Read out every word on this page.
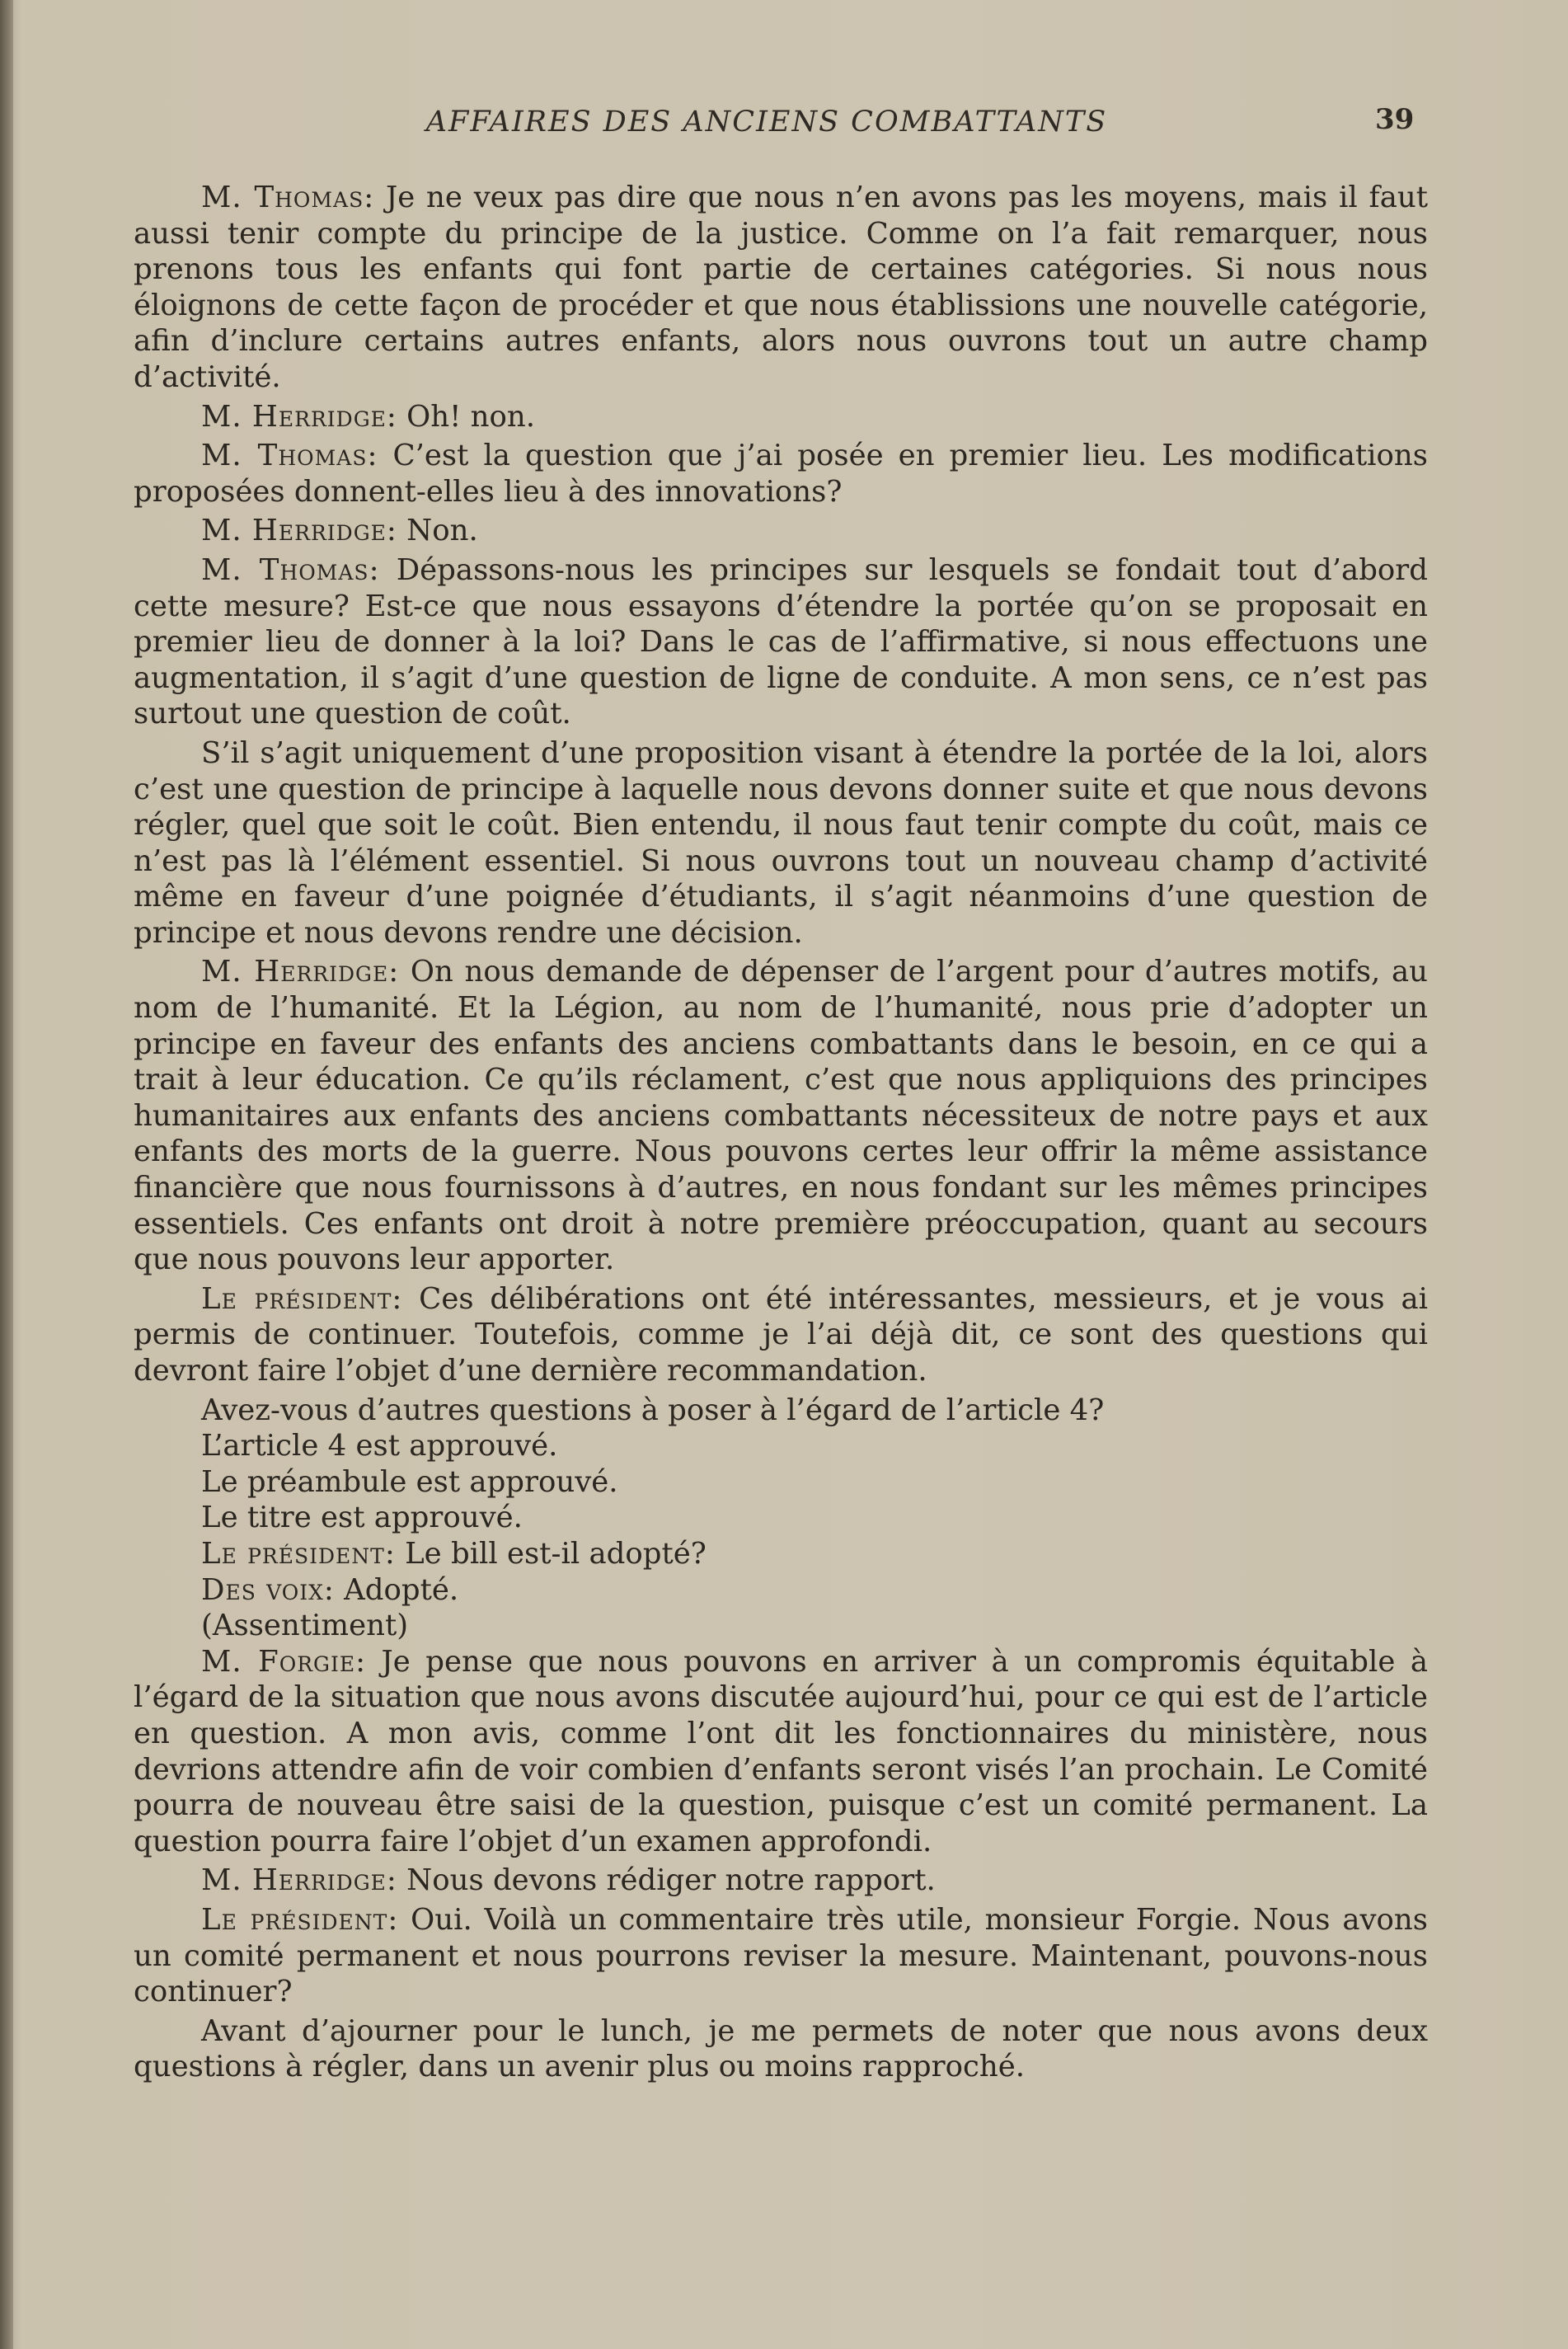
AFFAIRES DES ANCIENS COMBATTANTS	39

M. Thomas: Je ne veux pas dire que nous n’en avons pas les moyens, mais il faut aussi tenir compte du principe de la justice. Comme on l’a fait remarquer, nous prenons tous les enfants qui font partie de certaines catégories. Si nous nous éloignons de cette façon de procéder et que nous établissions une nouvelle catégorie, afin d’inclure certains autres enfants, alors nous ouvrons tout un autre champ d’activité.

M. Herridge: Oh! non.

M. Thomas: C’est la question que j’ai posée en premier lieu. Les modifications proposées donnent-elles lieu à des innovations?

M. Herridge: Non.

M. Thomas: Dépassons-nous les principes sur lesquels se fondait tout d’abord cette mesure? Est-ce que nous essayons d’étendre la portée qu’on se proposait en premier lieu de donner à la loi? Dans le cas de l’affirmative, si nous effectuons une augmentation, il s’agit d’une question de ligne de conduite. A mon sens, ce n’est pas surtout une question de coût.

S’il s’agit uniquement d’une proposition visant à étendre la portée de la loi, alors c’est une question de principe à laquelle nous devons donner suite et que nous devons régler, quel que soit le coût. Bien entendu, il nous faut tenir compte du coût, mais ce n’est pas là l’élément essentiel. Si nous ouvrons tout un nouveau champ d’activité même en faveur d’une poignée d’étudiants, il s’agit néanmoins d’une question de principe et nous devons rendre une décision.

M. Herridge: On nous demande de dépenser de l’argent pour d’autres motifs, au nom de l’humanité. Et la Légion, au nom de l’humanité, nous prie d’adopter un principe en faveur des enfants des anciens combattants dans le besoin, en ce qui a trait à leur éducation. Ce qu’ils réclament, c’est que nous appliquions des principes humanitaires aux enfants des anciens combattants nécessiteux de notre pays et aux enfants des morts de la guerre. Nous pouvons certes leur offrir la même assistance financière que nous fournissons à d’autres, en nous fondant sur les mêmes principes essentiels. Ces enfants ont droit à notre première préoccupation, quant au secours que nous pouvons leur apporter.

Le président: Ces délibérations ont été intéressantes, messieurs, et je vous ai permis de continuer. Toutefois, comme je l’ai déjà dit, ce sont des questions qui devront faire l’objet d’une dernière recommandation.

Avez-vous d’autres questions à poser à l’égard de l’article 4?
L’article 4 est approuvé.
Le préambule est approuvé.
Le titre est approuvé.
Le président: Le bill est-il adopté?
Des voix: Adopté.
(Assentiment)

M. Forgie: Je pense que nous pouvons en arriver à un compromis équitable à l’égard de la situation que nous avons discutée aujourd’hui, pour ce qui est de l’article en question. A mon avis, comme l’ont dit les fonctionnaires du ministère, nous devrions attendre afin de voir combien d’enfants seront visés l’an prochain. Le Comité pourra de nouveau être saisi de la question, puisque c’est un comité permanent. La question pourra faire l’objet d’un examen approfondi.

M. Herridge: Nous devons rédiger notre rapport.

Le président: Oui. Voilà un commentaire très utile, monsieur Forgie. Nous avons un comité permanent et nous pourrons reviser la mesure. Maintenant, pouvons-nous continuer?

Avant d’ajourner pour le lunch, je me permets de noter que nous avons deux questions à régler, dans un avenir plus ou moins rapproché.
